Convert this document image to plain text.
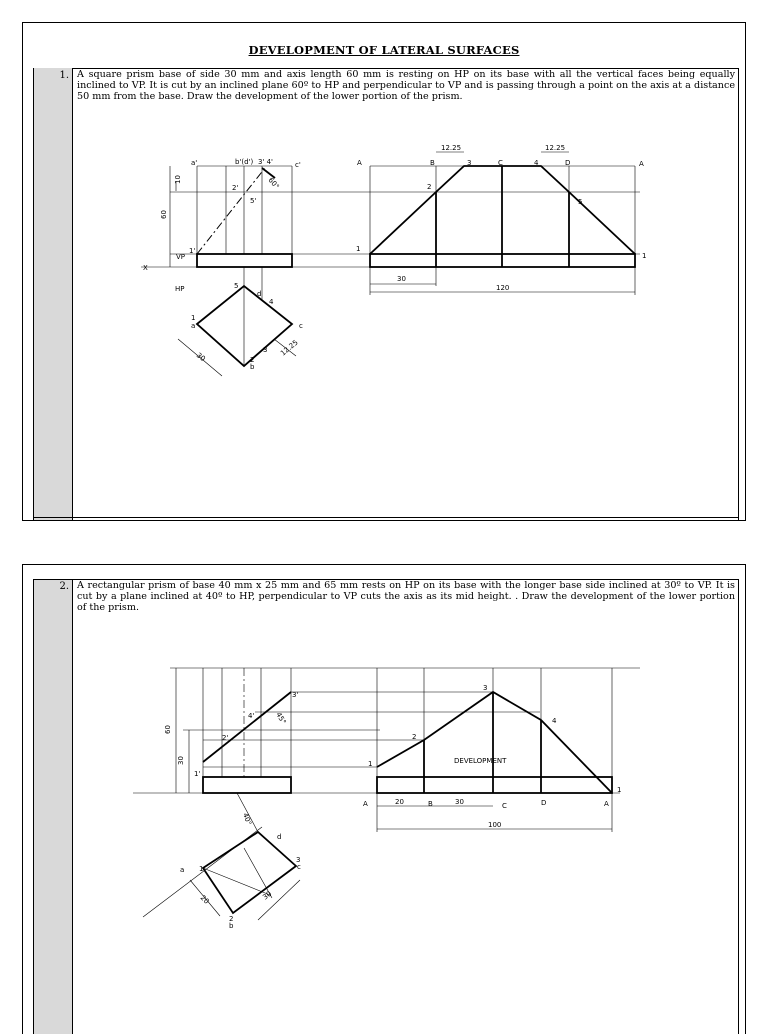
DEVELOPMENT OF LATERAL SURFACES
1. A square prism base of side 30 mm and axis length 60 mm is resting on HP on its base with all the vertical faces being equally inclined to VP. It is cut by an inclined plane 60º to HP and perpendicular to VP and is passing through a point on the axis at a distance 50 mm from the base. Draw the development of the lower portion of the prism.
a'	b'(d') 3' 4'	c'
X
VP
HP
60
10	60°
2'
5'
1'
5
d
4
1
a	c
2
b
3
30	12.25
A	B	3	C	4	D	A
2
5
1
1
30
120
12.25	12.25
2. A rectangular prism of base 40 mm x 25 mm and 65 mm rests on HP on its base with the longer base side inclined at 30º to VP. It is cut by a plane inclined at 40º to HP, perpendicular to VP cuts the axis as its mid height. . Draw the development of the lower portion of the prism.
60
30
1'
2'
3'
4'	45°
40°
a 1
d
3
c
2
b
20	30
1
2
3
4
1
DEVELOPMENT
A	B	C	D	A
20	30
100
